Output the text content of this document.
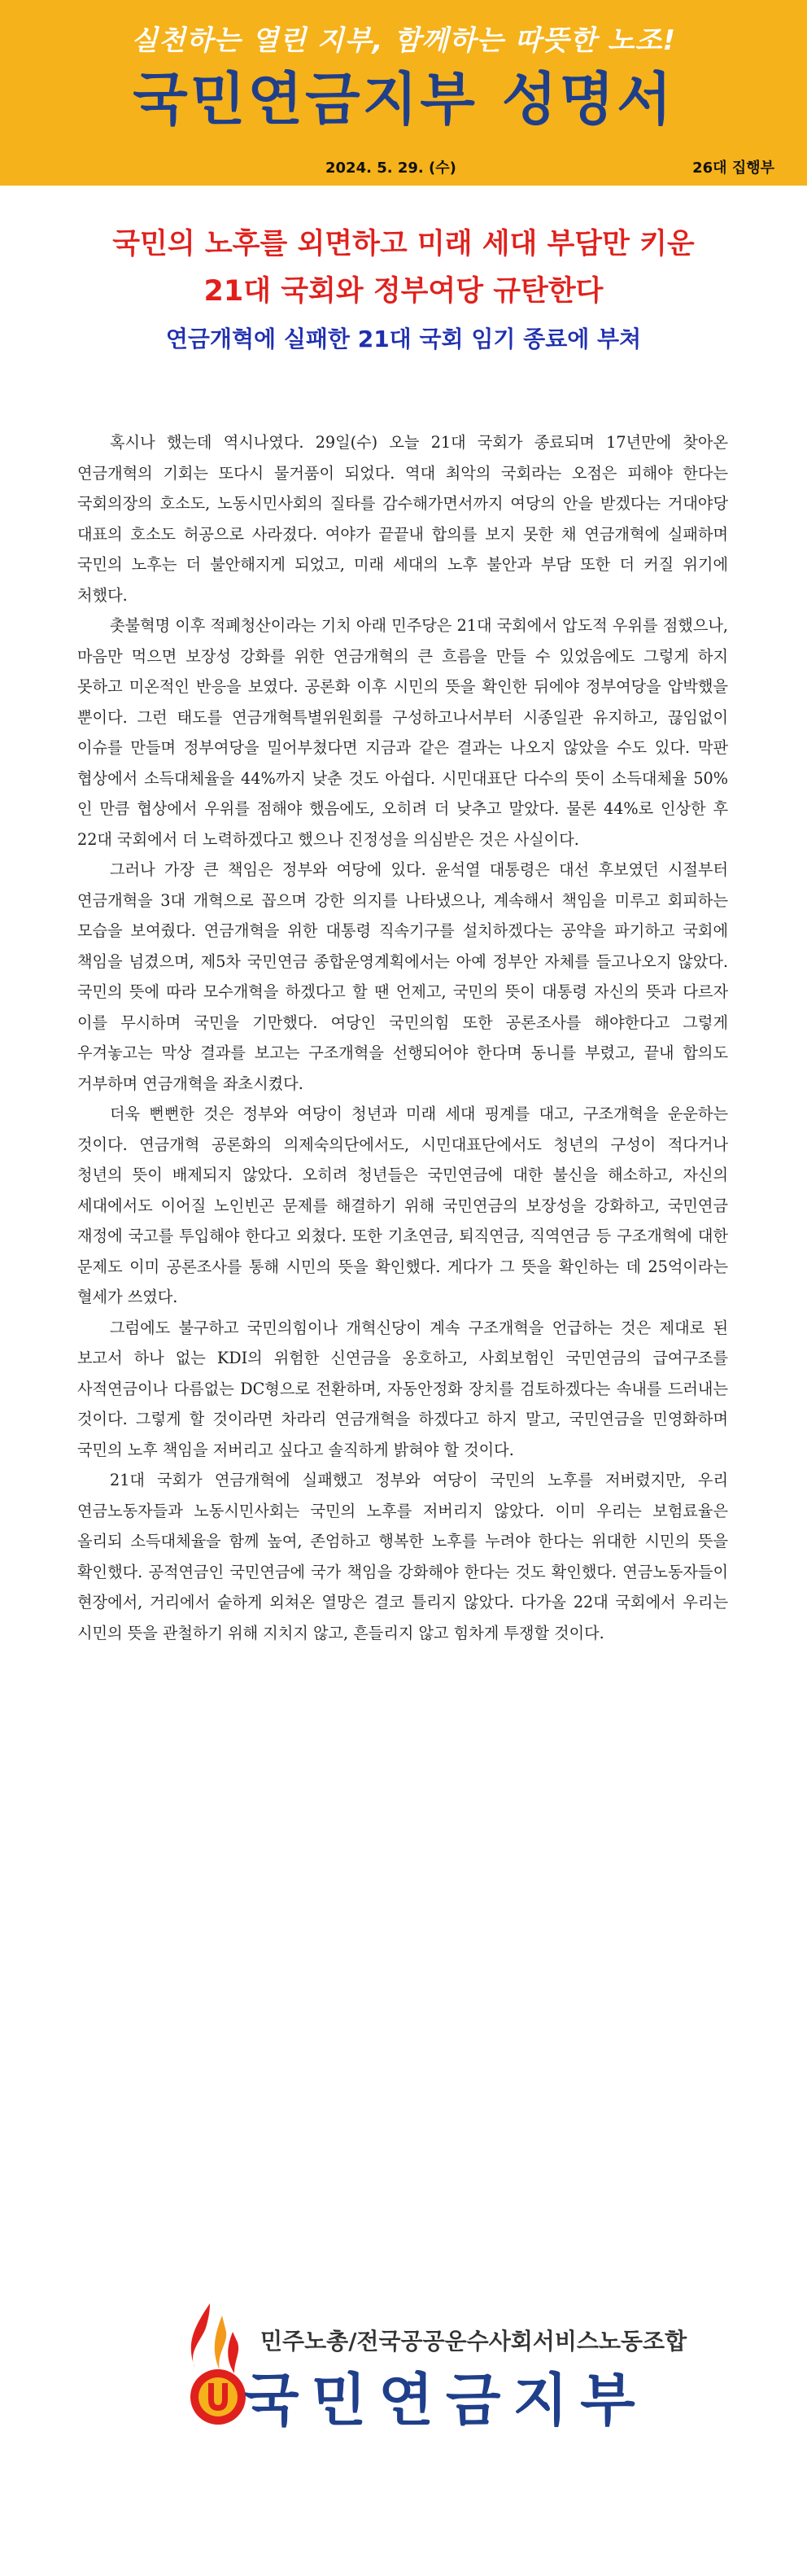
실천하는 열린 지부, 함께하는 따뜻한 노조!
국민연금지부 성명서
2024. 5. 29. (수)	26대 집행부
국민의 노후를 외면하고 미래 세대 부담만 키운
21대 국회와 정부여당 규탄한다
연금개혁에 실패한 21대 국회 임기 종료에 부쳐

혹시나 했는데 역시나였다. 29일(수) 오늘 21대 국회가 종료되며 17년만에 찾아온 연금개혁의 기회는 또다시 물거품이 되었다. 역대 최악의 국회라는 오점은 피해야 한다는 국회의장의 호소도, 노동시민사회의 질타를 감수해가면서까지 여당의 안을 받겠다는 거대야당 대표의 호소도 허공으로 사라졌다. 여야가 끝끝내 합의를 보지 못한 채 연금개혁에 실패하며 국민의 노후는 더 불안해지게 되었고, 미래 세대의 노후 불안과 부담 또한 더 커질 위기에 처했다.

촛불혁명 이후 적폐청산이라는 기치 아래 민주당은 21대 국회에서 압도적 우위를 점했으나, 마음만 먹으면 보장성 강화를 위한 연금개혁의 큰 흐름을 만들 수 있었음에도 그렇게 하지 못하고 미온적인 반응을 보였다. 공론화 이후 시민의 뜻을 확인한 뒤에야 정부여당을 압박했을 뿐이다. 그런 태도를 연금개혁특별위원회를 구성하고나서부터 시종일관 유지하고, 끊임없이 이슈를 만들며 정부여당을 밀어부쳤다면 지금과 같은 결과는 나오지 않았을 수도 있다. 막판 협상에서 소득대체율을 44%까지 낮춘 것도 아쉽다. 시민대표단 다수의 뜻이 소득대체율 50%인 만큼 협상에서 우위를 점해야 했음에도, 오히려 더 낮추고 말았다. 물론 44%로 인상한 후 22대 국회에서 더 노력하겠다고 했으나 진정성을 의심받은 것은 사실이다.

그러나 가장 큰 책임은 정부와 여당에 있다. 윤석열 대통령은 대선 후보였던 시절부터 연금개혁을 3대 개혁으로 꼽으며 강한 의지를 나타냈으나, 계속해서 책임을 미루고 회피하는 모습을 보여줬다. 연금개혁을 위한 대통령 직속기구를 설치하겠다는 공약을 파기하고 국회에 책임을 넘겼으며, 제5차 국민연금 종합운영계획에서는 아예 정부안 자체를 들고나오지 않았다. 국민의 뜻에 따라 모수개혁을 하겠다고 할 땐 언제고, 국민의 뜻이 대통령 자신의 뜻과 다르자 이를 무시하며 국민을 기만했다. 여당인 국민의힘 또한 공론조사를 해야한다고 그렇게 우겨놓고는 막상 결과를 보고는 구조개혁을 선행되어야 한다며 동니를 부렸고, 끝내 합의도 거부하며 연금개혁을 좌초시켰다.

더욱 뻔뻔한 것은 정부와 여당이 청년과 미래 세대 핑계를 대고, 구조개혁을 운운하는 것이다. 연금개혁 공론화의 의제숙의단에서도, 시민대표단에서도 청년의 구성이 적다거나 청년의 뜻이 배제되지 않았다. 오히려 청년들은 국민연금에 대한 불신을 해소하고, 자신의 세대에서도 이어질 노인빈곤 문제를 해결하기 위해 국민연금의 보장성을 강화하고, 국민연금 재정에 국고를 투입해야 한다고 외쳤다. 또한 기초연금, 퇴직연금, 직역연금 등 구조개혁에 대한 문제도 이미 공론조사를 통해 시민의 뜻을 확인했다. 게다가 그 뜻을 확인하는 데 25억이라는 혈세가 쓰였다.

그럼에도 불구하고 국민의힘이나 개혁신당이 계속 구조개혁을 언급하는 것은 제대로 된 보고서 하나 없는 KDI의 위험한 신연금을 옹호하고, 사회보험인 국민연금의 급여구조를 사적연금이나 다름없는 DC형으로 전환하며, 자동안정화 장치를 검토하겠다는 속내를 드러내는 것이다. 그렇게 할 것이라면 차라리 연금개혁을 하겠다고 하지 말고, 국민연금을 민영화하며 국민의 노후 책임을 저버리고 싶다고 솔직하게 밝혀야 할 것이다.

21대 국회가 연금개혁에 실패했고 정부와 여당이 국민의 노후를 저버렸지만, 우리 연금노동자들과 노동시민사회는 국민의 노후를 저버리지 않았다. 이미 우리는 보험료율은 올리되 소득대체율을 함께 높여, 존엄하고 행복한 노후를 누려야 한다는 위대한 시민의 뜻을 확인했다. 공적연금인 국민연금에 국가 책임을 강화해야 한다는 것도 확인했다. 연금노동자들이 현장에서, 거리에서 숱하게 외쳐온 열망은 결코 틀리지 않았다. 다가올 22대 국회에서 우리는 시민의 뜻을 관철하기 위해 지치지 않고, 흔들리지 않고 힘차게 투쟁할 것이다.

민주노총/전국공공운수사회서비스노동조합
국민연금지부
